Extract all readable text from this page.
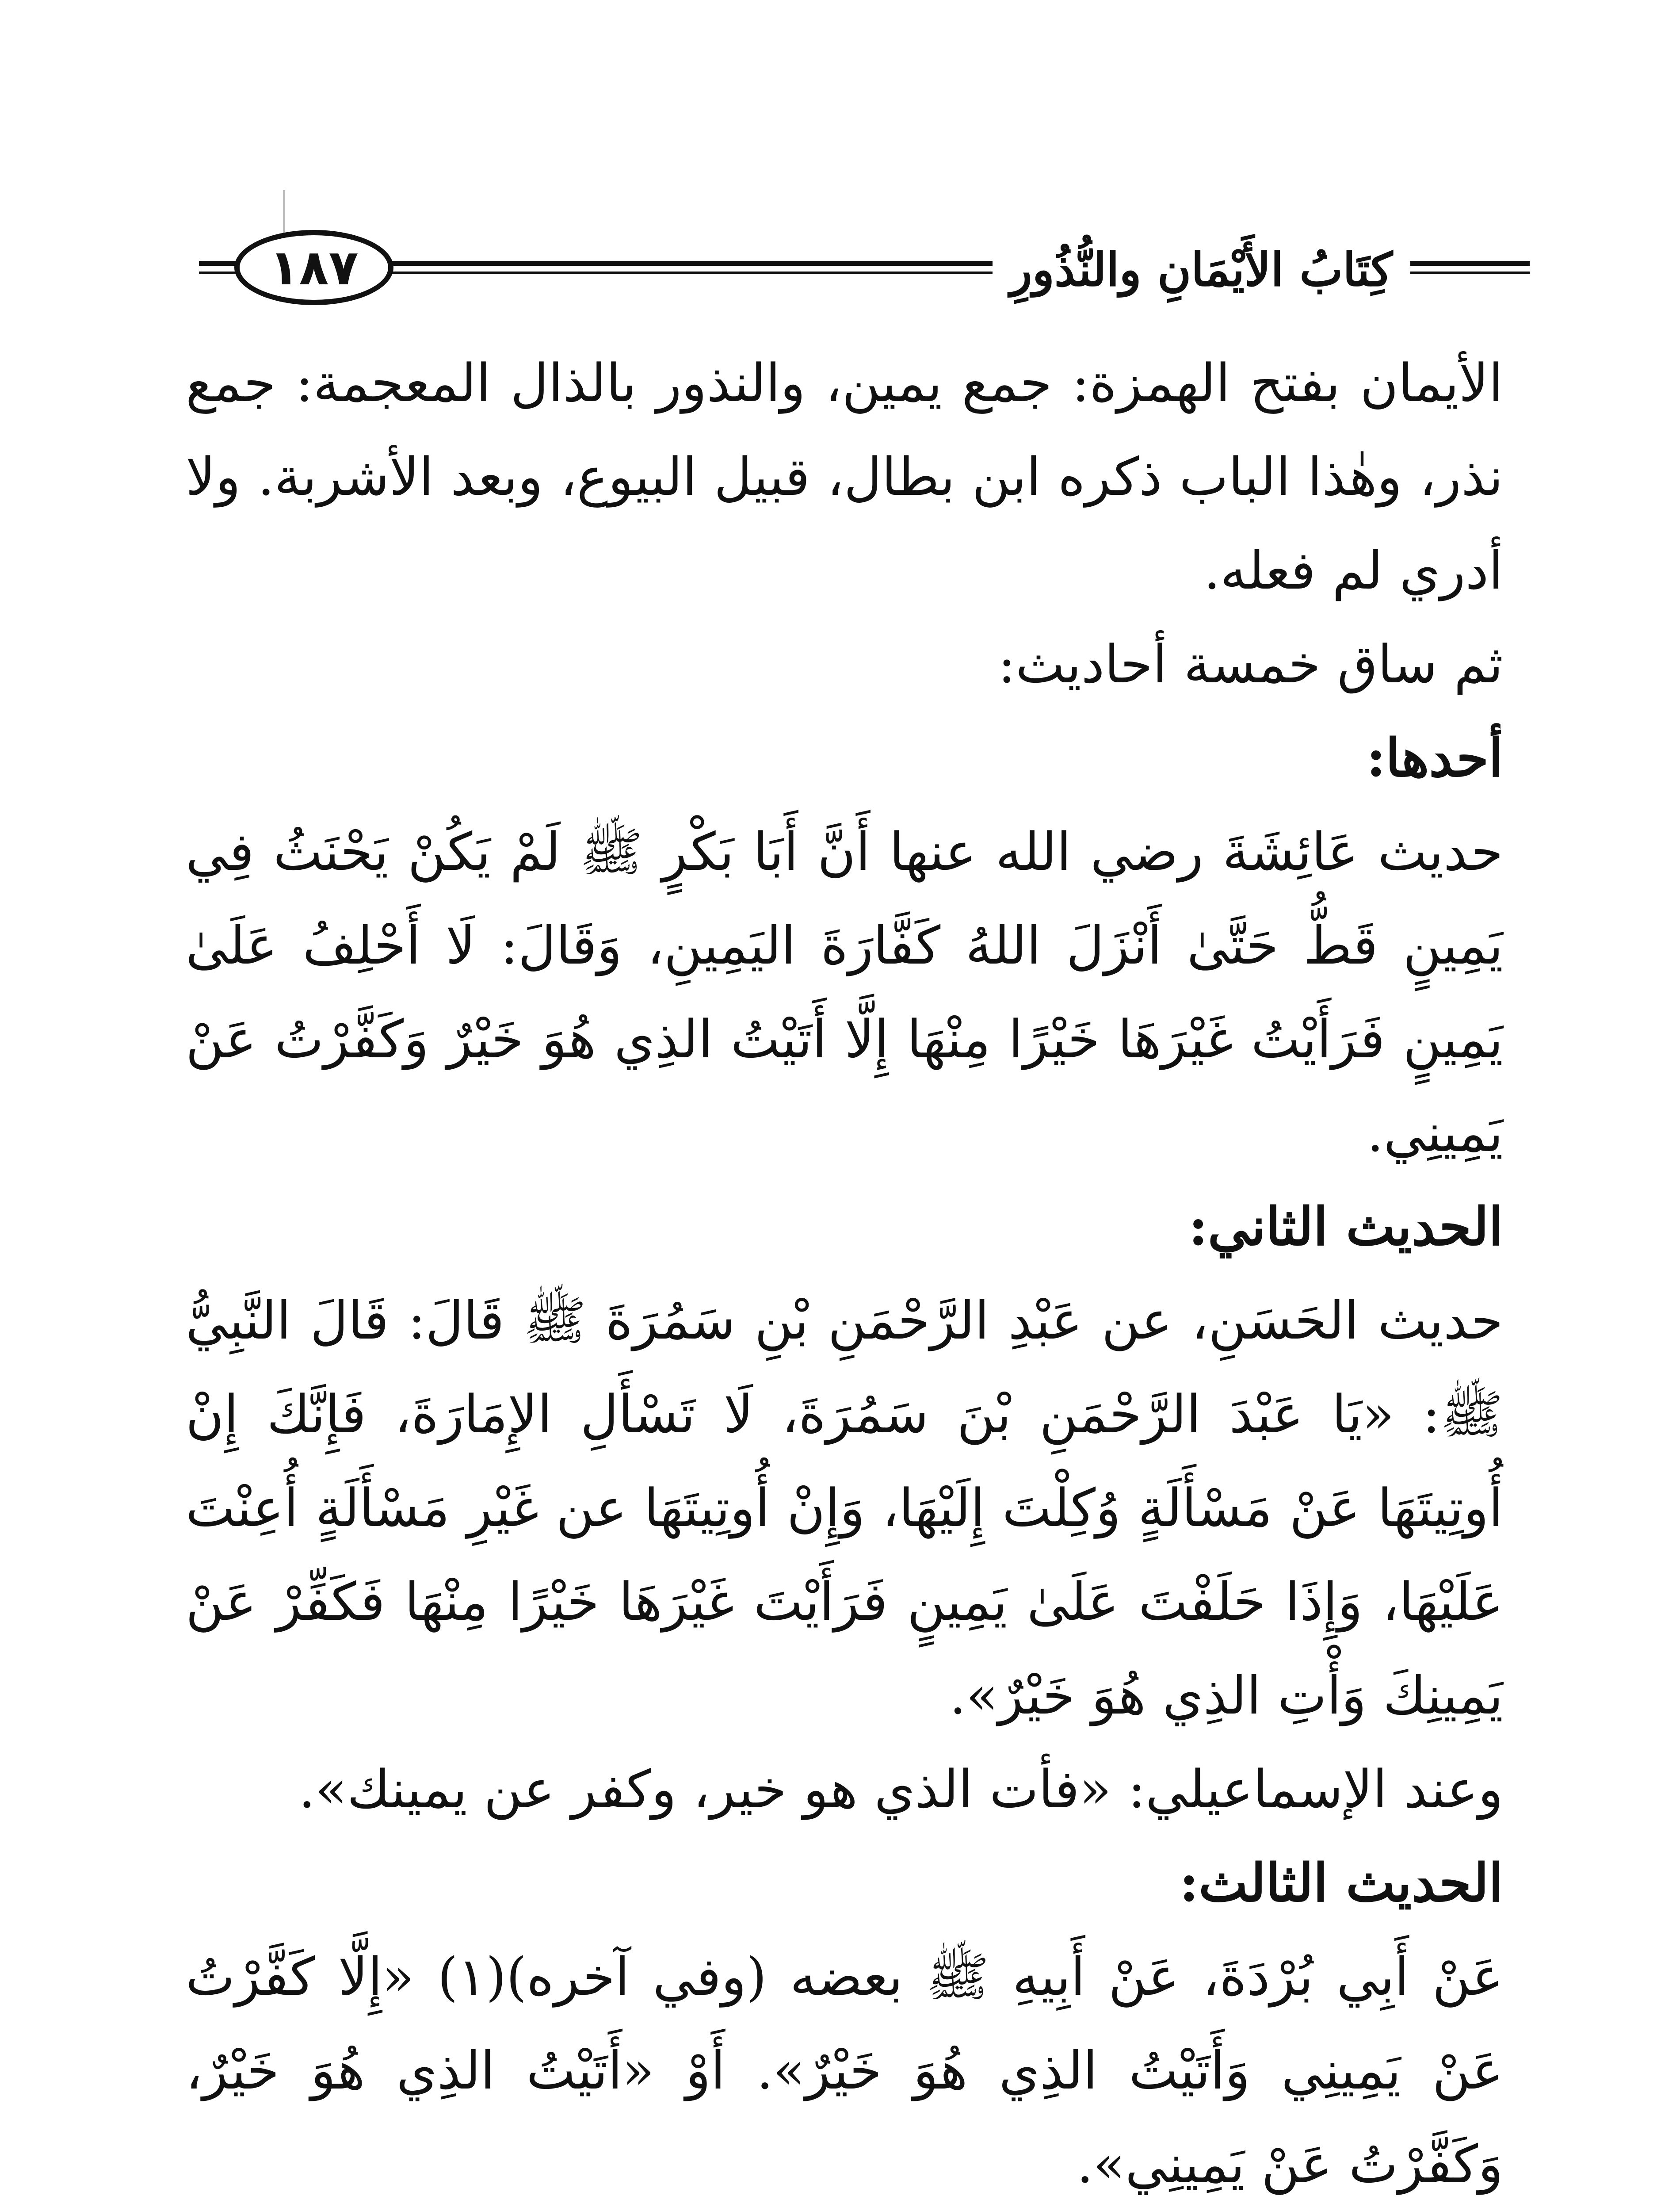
١٨٧	كِتَابُ الأَيْمَانِ والنُّذُورِ

الأيمان بفتح الهمزة: جمع يمين، والنذور بالذال المعجمة: جمع نذر، وهٰذا الباب ذكره ابن بطال، قبيل البيوع، وبعد الأشربة. ولا أدري لم فعله.

ثم ساق خمسة أحاديث:

أحدها:

حديث عَائِشَةَ رضي الله عنها أَنَّ أَبَا بَكْرٍ ﷺ لَمْ يَكُنْ يَحْنَثُ فِي يَمِينٍ قَطُّ حَتَّىٰ أَنْزَلَ اللهُ كَفَّارَةَ اليَمِينِ، وَقَالَ: لَا أَحْلِفُ عَلَىٰ يَمِينٍ فَرَأَيْتُ غَيْرَهَا خَيْرًا مِنْهَا إِلَّا أَتَيْتُ الذِي هُوَ خَيْرٌ وَكَفَّرْتُ عَنْ يَمِينِي.

الحديث الثاني:

حديث الحَسَنِ، عن عَبْدِ الرَّحْمَنِ بْنِ سَمُرَةَ ﷺ قَالَ: قَالَ النَّبِيُّ ﷺ: «يَا عَبْدَ الرَّحْمَنِ بْنَ سَمُرَةَ، لَا تَسْأَلِ الإِمَارَةَ، فَإِنَّكَ إِنْ أُوتِيتَهَا عَنْ مَسْأَلَةٍ وُكِلْتَ إِلَيْهَا، وَإِنْ أُوتِيتَهَا عن غَيْرِ مَسْأَلَةٍ أُعِنْتَ عَلَيْهَا، وَإِذَا حَلَفْتَ عَلَىٰ يَمِينٍ فَرَأَيْتَ غَيْرَهَا خَيْرًا مِنْهَا فَكَفِّرْ عَنْ يَمِينِكَ وَأْتِ الذِي هُوَ خَيْرٌ».

وعند الإسماعيلي: «فأت الذي هو خير، وكفر عن يمينك».

الحديث الثالث:

عَنْ أَبِي بُرْدَةَ، عَنْ أَبِيهِ ﷺ بعضه (وفي آخره)(١) «إِلَّا كَفَّرْتُ عَنْ يَمِينِي وَأَتَيْتُ الذِي هُوَ خَيْرٌ». أَوْ «أَتَيْتُ الذِي هُوَ خَيْرٌ، وَكَفَّرْتُ عَنْ يَمِينِي».
